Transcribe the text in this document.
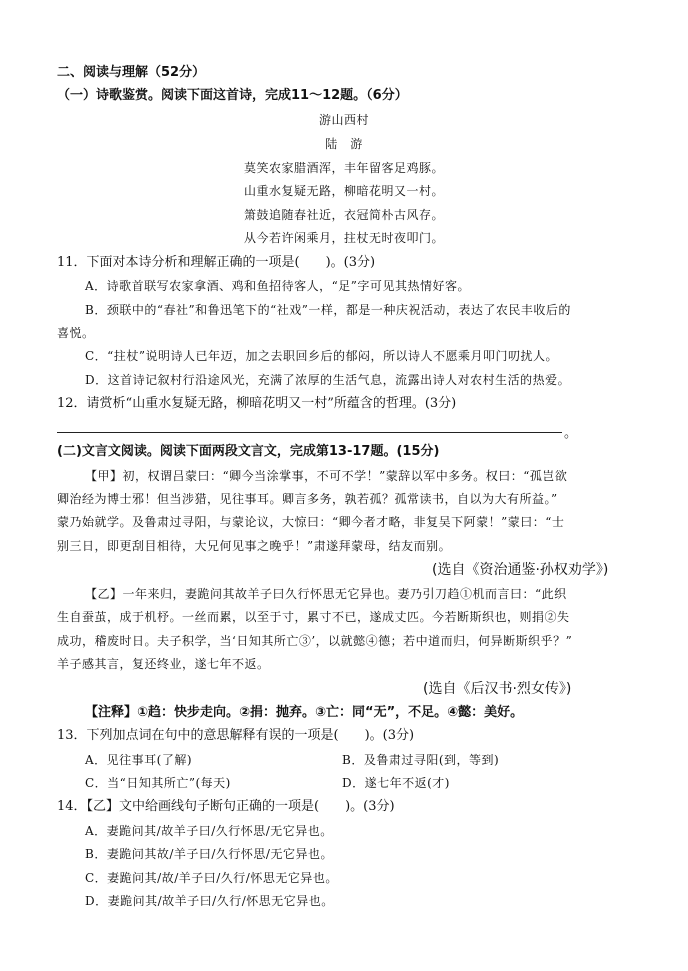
二、阅读与理解（52分）
（一）诗歌鉴赏。阅读下面这首诗，完成11～12题。（6分）
游山西村
陆　游
莫笑农家腊酒浑，丰年留客足鸡豚。
山重水复疑无路，柳暗花明又一村。
箫鼓追随春社近，衣冠简朴古风存。
从今若许闲乘月，拄杖无时夜叩门。
11．下面对本诗分析和理解正确的一项是(　　)。(3分)
A．诗歌首联写农家拿酒、鸡和鱼招待客人，“足”字可见其热情好客。
B．颈联中的“春社”和鲁迅笔下的“社戏”一样，都是一种庆祝活动，表达了农民丰收后的
喜悦。
C．“拄杖”说明诗人已年迈，加之去职回乡后的郁闷，所以诗人不愿乘月叩门叨扰人。
D．这首诗记叙村行沿途风光，充满了浓厚的生活气息，流露出诗人对农村生活的热爱。
12．请赏析“山重水复疑无路，柳暗花明又一村”所蕴含的哲理。(3分)
。
(二)文言文阅读。阅读下面两段文言文，完成第13-17题。(15分)
【甲】初，权谓吕蒙曰：“卿今当涂掌事，不可不学！”蒙辞以军中多务。权曰：“孤岂欲
卿治经为博士邪！但当涉猎，见往事耳。卿言多务，孰若孤？孤常读书，自以为大有所益。”
蒙乃始就学。及鲁肃过寻阳，与蒙论议，大惊曰：“卿今者才略，非复吴下阿蒙！”蒙曰：“士
别三日，即更刮目相待，大兄何见事之晚乎！”肃遂拜蒙母，结友而别。
(选自《资治通鉴·孙权劝学》)
【乙】一年来归，妻跪问其故羊子曰久行怀思无它异也。妻乃引刀趋①机而言曰：“此织
生自蚕茧，成于机杼。一丝而累，以至于寸，累寸不已，遂成丈匹。今若断斯织也，则捐②失
成功，稽废时日。夫子积学，当‘日知其所亡③’，以就懿④德；若中道而归，何异断斯织乎？”
羊子感其言，复还终业，遂七年不返。
(选自《后汉书·烈女传》)
【注释】①趋：快步走向。②捐：抛弃。③亡：同“无”，不足。④懿：美好。
13．下列加点词在句中的意思解释有误的一项是(　　)。(3分)
A．见往事耳(了解)	B．及鲁肃过寻阳(到，等到)
C．当“日知其所亡”(每天)	D．遂七年不返(才)
14．【乙】文中给画线句子断句正确的一项是(　　)。(3分)
A．妻跪问其/故羊子曰/久行怀思/无它异也。
B．妻跪问其故/羊子曰/久行怀思/无它异也。
C．妻跪问其/故/羊子曰/久行/怀思无它异也。
D．妻跪问其/故羊子曰/久行/怀思无它异也。
